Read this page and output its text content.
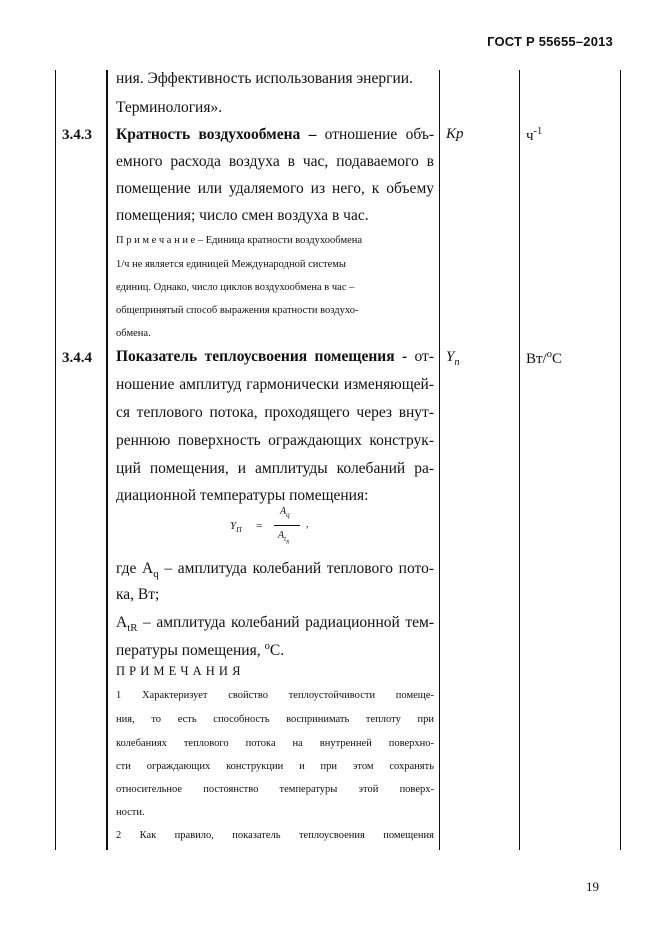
ГОСТ Р 55655–2013
ния. Эффективность использования энергии.
Терминология».
3.4.3 Кратность воздухообмена – отношение объ-
емного расхода воздуха в час, подаваемого в
помещение или удаляемого из него, к объему
помещения; число смен воздуха в час.
П р и м е ч а н и е – Единица кратности воздухообмена
1/ч не является единицей Международной системы
единиц. Однако, число циклов воздухообмена в час –
общепринятый способ выражения кратности воздухо-
обмена.
Кр	$ч^{-1}$
3.4.4 Показатель теплоусвоения помещения - от-
ношение амплитуд гармонически изменяющей-
ся теплового потока, проходящего через внут-
реннюю поверхность ограждающих конструк-
ций помещения, и амплитуды колебаний ра-
диационной температуры помещения:
$Y_п$	Вт/$^о$С
$Y_П$ =
$A_q$
$A_{t_R}$
,
где $A_q$ – амплитуда колебаний теплового пото-
ка, Вт;
$A_{tR}$ – амплитуда колебаний радиационной тем-
пературы помещения, $^о$С.
П Р И М Е Ч А Н И Я
1 Характеризует свойство теплоустойчивости помеще-
ния, то есть способность воспринимать теплоту при
колебаниях теплового потока на внутренней поверхно-
сти ограждающих конструкции и при этом сохранять
относительное постоянство температуры этой поверх-
ности.
2 Как правило, показатель теплоусвоения помещения
19
